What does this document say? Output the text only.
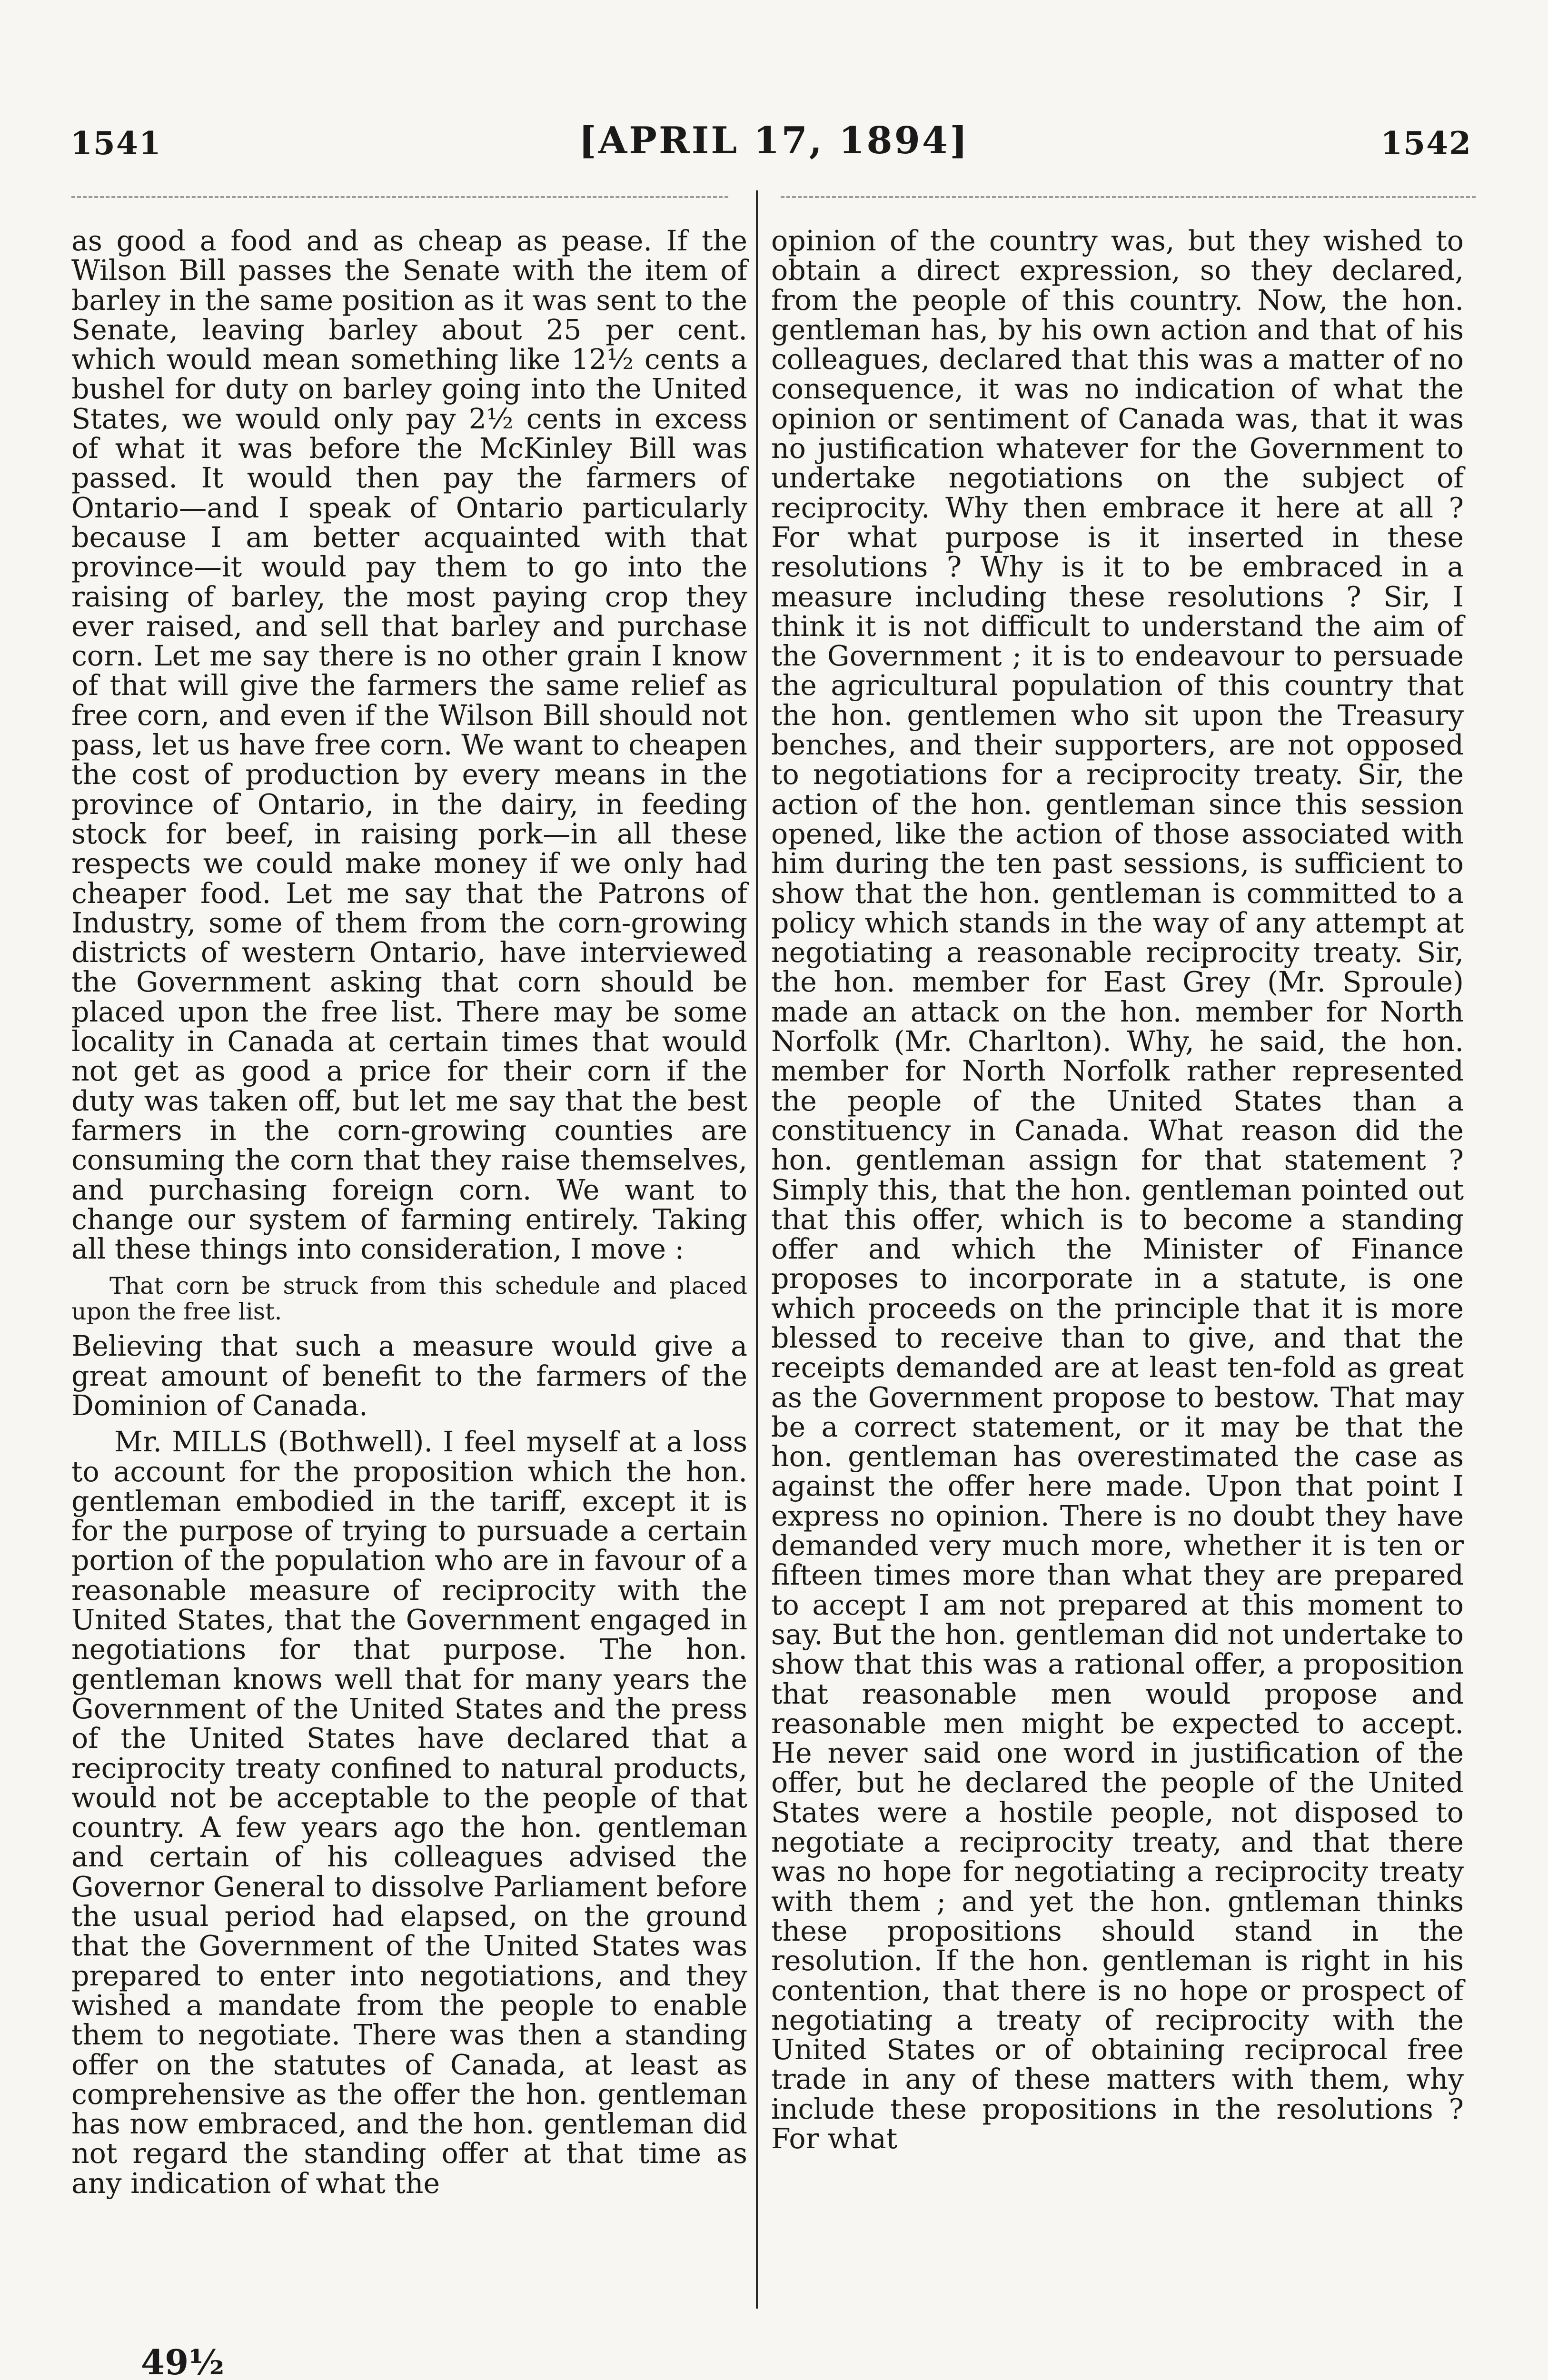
1541	[APRIL 17, 1894]	1542

as good a food and as cheap as pease. If the Wilson Bill passes the Senate with the item of barley in the same position as it was sent to the Senate, leaving barley about 25 per cent. which would mean something like 12½ cents a bushel for duty on barley going into the United States, we would only pay 2½ cents in excess of what it was before the McKinley Bill was passed. It would then pay the farmers of Ontario—and I speak of Ontario particularly because I am better acquainted with that province—it would pay them to go into the raising of barley, the most paying crop they ever raised, and sell that barley and purchase corn. Let me say there is no other grain I know of that will give the farmers the same relief as free corn, and even if the Wilson Bill should not pass, let us have free corn. We want to cheapen the cost of production by every means in the province of Ontario, in the dairy, in feeding stock for beef, in raising pork—in all these respects we could make money if we only had cheaper food. Let me say that the Patrons of Industry, some of them from the corn-growing districts of western Ontario, have interviewed the Government asking that corn should be placed upon the free list. There may be some locality in Canada at certain times that would not get as good a price for their corn if the duty was taken off, but let me say that the best farmers in the corn-growing counties are consuming the corn that they raise themselves, and purchasing foreign corn. We want to change our system of farming entirely. Taking all these things into consideration, I move :

That corn be struck from this schedule and placed upon the free list.

Believing that such a measure would give a great amount of benefit to the farmers of the Dominion of Canada.

Mr. MILLS (Bothwell). I feel myself at a loss to account for the proposition which the hon. gentleman embodied in the tariff, except it is for the purpose of trying to pursuade a certain portion of the population who are in favour of a reasonable measure of reciprocity with the United States, that the Government engaged in negotiations for that purpose. The hon. gentleman knows well that for many years the Government of the United States and the press of the United States have declared that a reciprocity treaty confined to natural products, would not be acceptable to the people of that country. A few years ago the hon. gentleman and certain of his colleagues advised the Governor General to dissolve Parliament before the usual period had elapsed, on the ground that the Government of the United States was prepared to enter into negotiations, and they wished a mandate from the people to enable them to negotiate. There was then a standing offer on the statutes of Canada, at least as comprehensive as the offer the hon. gentleman has now embraced, and the hon. gentleman did not regard the standing offer at that time as any indication of what the

opinion of the country was, but they wished to obtain a direct expression, so they declared, from the people of this country. Now, the hon. gentleman has, by his own action and that of his colleagues, declared that this was a matter of no consequence, it was no indication of what the opinion or sentiment of Canada was, that it was no justification whatever for the Government to undertake negotiations on the subject of reciprocity. Why then embrace it here at all ? For what purpose is it inserted in these resolutions ? Why is it to be embraced in a measure including these resolutions ? Sir, I think it is not difficult to understand the aim of the Government ; it is to endeavour to persuade the agricultural population of this country that the hon. gentlemen who sit upon the Treasury benches, and their supporters, are not opposed to negotiations for a reciprocity treaty. Sir, the action of the hon. gentleman since this session opened, like the action of those associated with him during the ten past sessions, is sufficient to show that the hon. gentleman is committed to a policy which stands in the way of any attempt at negotiating a reasonable reciprocity treaty. Sir, the hon. member for East Grey (Mr. Sproule) made an attack on the hon. member for North Norfolk (Mr. Charlton). Why, he said, the hon. member for North Norfolk rather represented the people of the United States than a constituency in Canada. What reason did the hon. gentleman assign for that statement ? Simply this, that the hon. gentleman pointed out that this offer, which is to become a standing offer and which the Minister of Finance proposes to incorporate in a statute, is one which proceeds on the principle that it is more blessed to receive than to give, and that the receipts demanded are at least ten-fold as great as the Government propose to bestow. That may be a correct statement, or it may be that the hon. gentleman has overestimated the case as against the offer here made. Upon that point I express no opinion. There is no doubt they have demanded very much more, whether it is ten or fifteen times more than what they are prepared to accept I am not prepared at this moment to say. But the hon. gentleman did not undertake to show that this was a rational offer, a proposition that reasonable men would propose and reasonable men might be expected to accept. He never said one word in justification of the offer, but he declared the people of the United States were a hostile people, not disposed to negotiate a reciprocity treaty, and that there was no hope for negotiating a reciprocity treaty with them ; and yet the hon. gntleman thinks these propositions should stand in the resolution. If the hon. gentleman is right in his contention, that there is no hope or prospect of negotiating a treaty of reciprocity with the United States or of obtaining reciprocal free trade in any of these matters with them, why include these propositions in the resolutions ? For what

49½
